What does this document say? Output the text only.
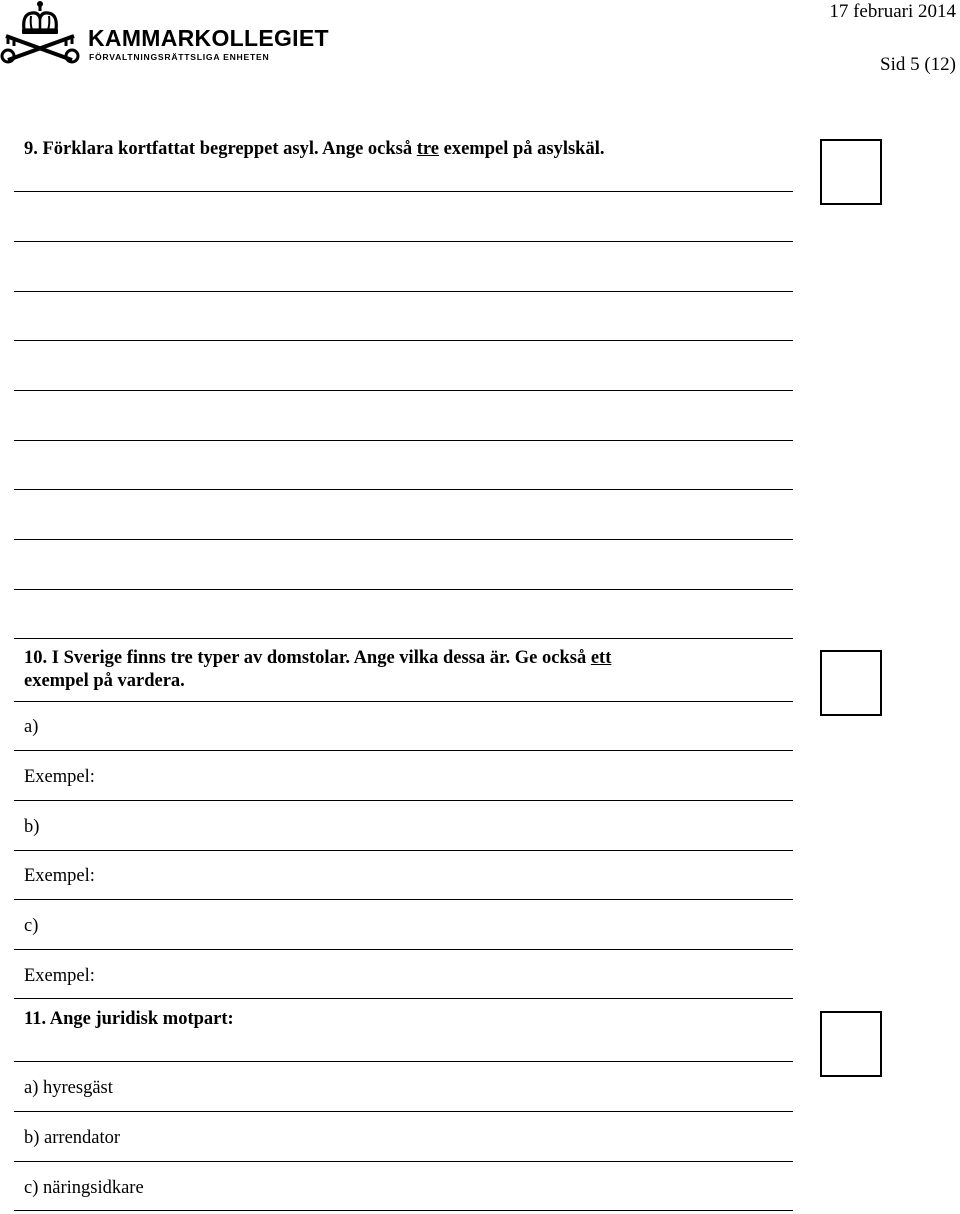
KAMMARKOLLEGIET
FÖRVALTNINGSRÄTTSLIGA ENHETEN
17 februari 2014
Sid 5 (12)
9. Förklara kortfattat begreppet asyl. Ange också tre exempel på asylskäl.
10. I Sverige finns tre typer av domstolar. Ange vilka dessa är. Ge också ett
exempel på vardera.
a)
Exempel:
b)
Exempel:
c)
Exempel:
11. Ange juridisk motpart:
a) hyresgäst
b) arrendator
c) näringsidkare
